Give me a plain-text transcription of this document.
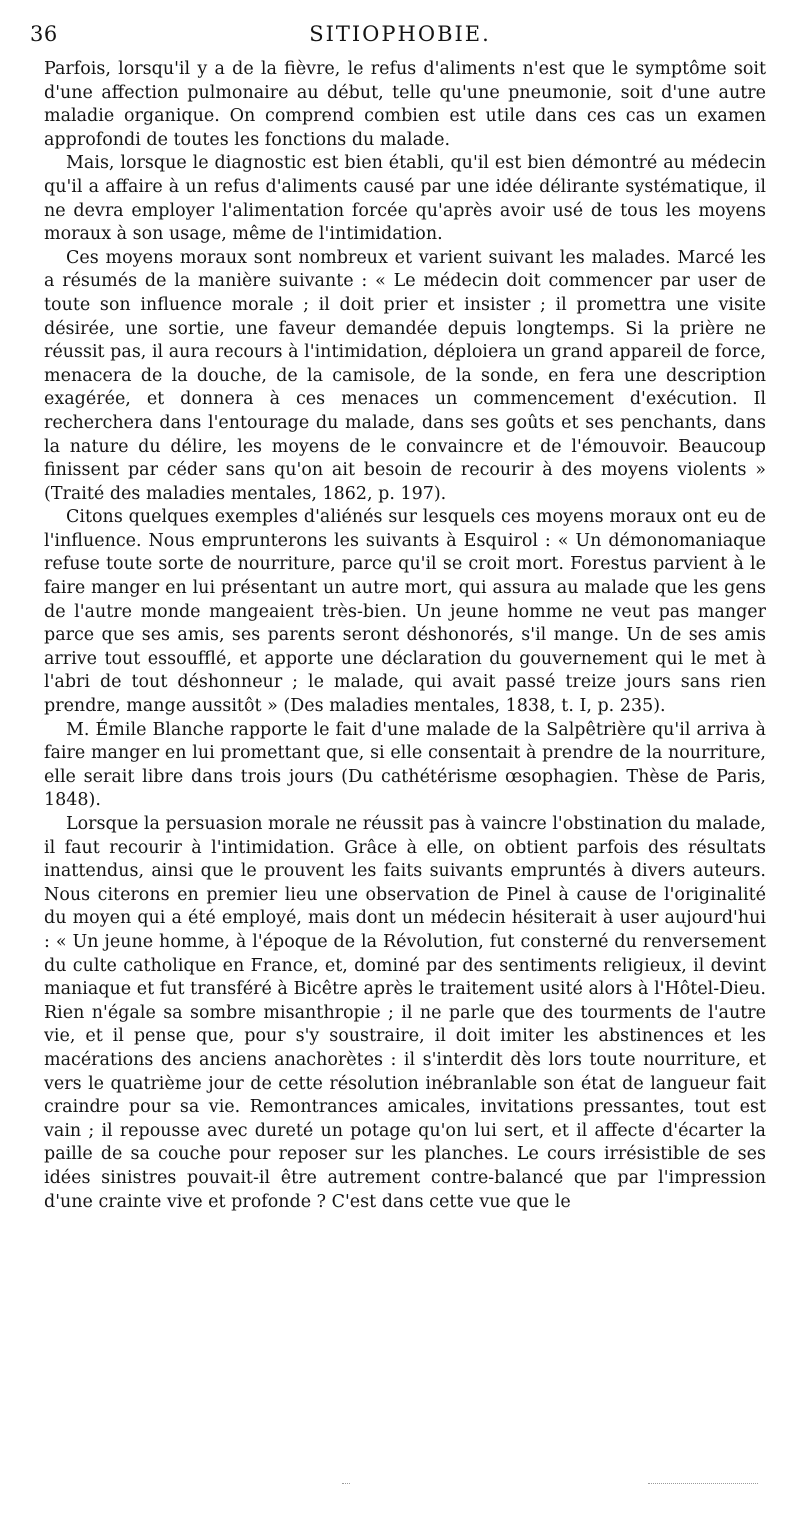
36	SITIOPHOBIE.

Parfois, lorsqu'il y a de la fièvre, le refus d'aliments n'est que le symptôme soit d'une affection pulmonaire au début, telle qu'une pneumonie, soit d'une autre maladie organique. On comprend combien est utile dans ces cas un examen approfondi de toutes les fonctions du malade.

Mais, lorsque le diagnostic est bien établi, qu'il est bien démontré au médecin qu'il a affaire à un refus d'aliments causé par une idée délirante systématique, il ne devra employer l'alimentation forcée qu'après avoir usé de tous les moyens moraux à son usage, même de l'intimidation.

Ces moyens moraux sont nombreux et varient suivant les malades. Marcé les a résumés de la manière suivante : « Le médecin doit commencer par user de toute son influence morale ; il doit prier et insister ; il promettra une visite désirée, une sortie, une faveur demandée depuis longtemps. Si la prière ne réussit pas, il aura recours à l'intimidation, déploiera un grand appareil de force, menacera de la douche, de la camisole, de la sonde, en fera une description exagérée, et donnera à ces menaces un commencement d'exécution. Il recherchera dans l'entourage du malade, dans ses goûts et ses penchants, dans la nature du délire, les moyens de le convaincre et de l'émouvoir. Beaucoup finissent par céder sans qu'on ait besoin de recourir à des moyens violents » (Traité des maladies mentales, 1862, p. 197).

Citons quelques exemples d'aliénés sur lesquels ces moyens moraux ont eu de l'influence. Nous emprunterons les suivants à Esquirol : « Un démonomaniaque refuse toute sorte de nourriture, parce qu'il se croit mort. Forestus parvient à le faire manger en lui présentant un autre mort, qui assura au malade que les gens de l'autre monde mangeaient très-bien. Un jeune homme ne veut pas manger parce que ses amis, ses parents seront déshonorés, s'il mange. Un de ses amis arrive tout essoufflé, et apporte une déclaration du gouvernement qui le met à l'abri de tout déshonneur ; le malade, qui avait passé treize jours sans rien prendre, mange aussitôt » (Des maladies mentales, 1838, t. I, p. 235).

M. Émile Blanche rapporte le fait d'une malade de la Salpêtrière qu'il arriva à faire manger en lui promettant que, si elle consentait à prendre de la nourriture, elle serait libre dans trois jours (Du cathétérisme œsophagien. Thèse de Paris, 1848).

Lorsque la persuasion morale ne réussit pas à vaincre l'obstination du malade, il faut recourir à l'intimidation. Grâce à elle, on obtient parfois des résultats inattendus, ainsi que le prouvent les faits suivants empruntés à divers auteurs. Nous citerons en premier lieu une observation de Pinel à cause de l'originalité du moyen qui a été employé, mais dont un médecin hésiterait à user aujourd'hui : « Un jeune homme, à l'époque de la Révolution, fut consterné du renversement du culte catholique en France, et, dominé par des sentiments religieux, il devint maniaque et fut transféré à Bicêtre après le traitement usité alors à l'Hôtel-Dieu. Rien n'égale sa sombre misanthropie ; il ne parle que des tourments de l'autre vie, et il pense que, pour s'y soustraire, il doit imiter les abstinences et les macérations des anciens anachorètes : il s'interdit dès lors toute nourriture, et vers le quatrième jour de cette résolution inébranlable son état de langueur fait craindre pour sa vie. Remontrances amicales, invitations pressantes, tout est vain ; il repousse avec dureté un potage qu'on lui sert, et il affecte d'écarter la paille de sa couche pour reposer sur les planches. Le cours irrésistible de ses idées sinistres pouvait-il être autrement contre-balancé que par l'impression d'une crainte vive et profonde ? C'est dans cette vue que le
